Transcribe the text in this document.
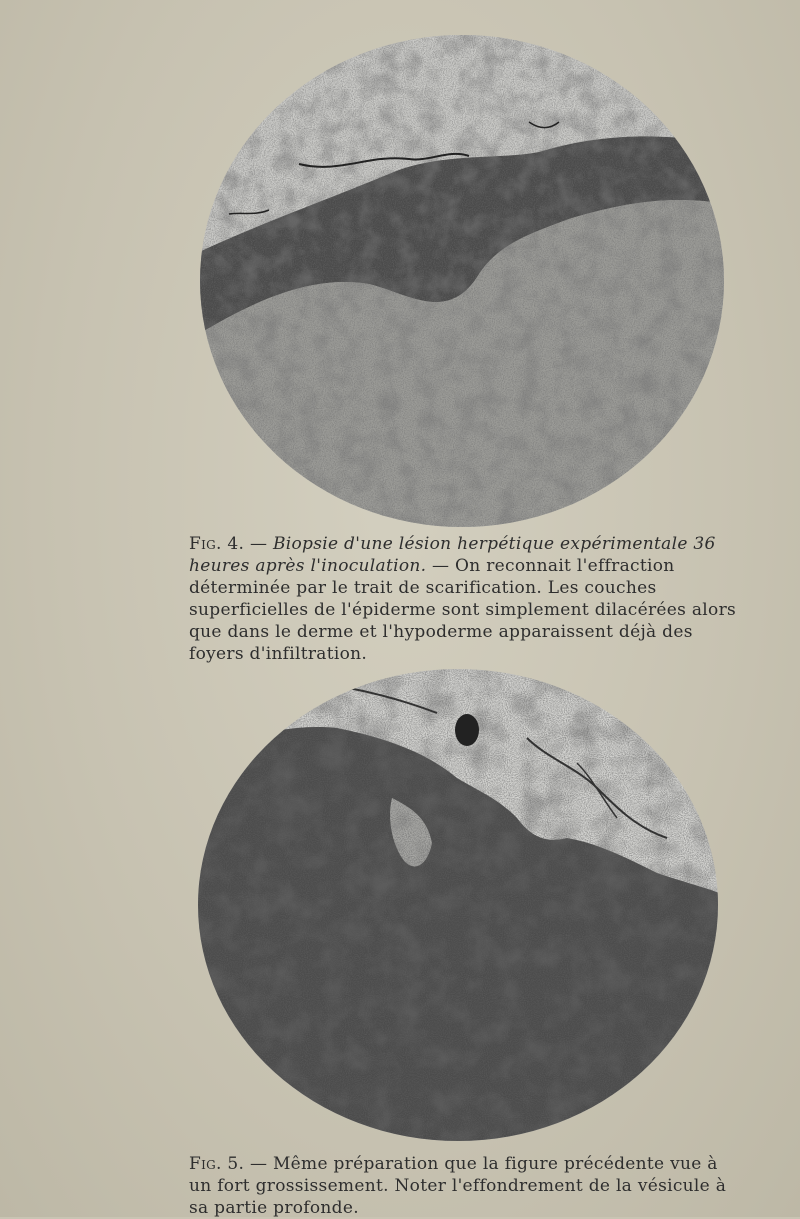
Fig. 4. — Biopsie d'une lésion herpétique expérimentale 36 heures après l'inoculation. — On reconnait l'effraction déterminée par le trait de scarification. Les couches superficielles de l'épiderme sont simplement dilacérées alors que dans le derme et l'hypoderme apparaissent déjà des foyers d'infiltration.

Fig. 5. — Même préparation que la figure précédente vue à un fort grossissement. Noter l'effondrement de la vésicule à sa partie profonde.
